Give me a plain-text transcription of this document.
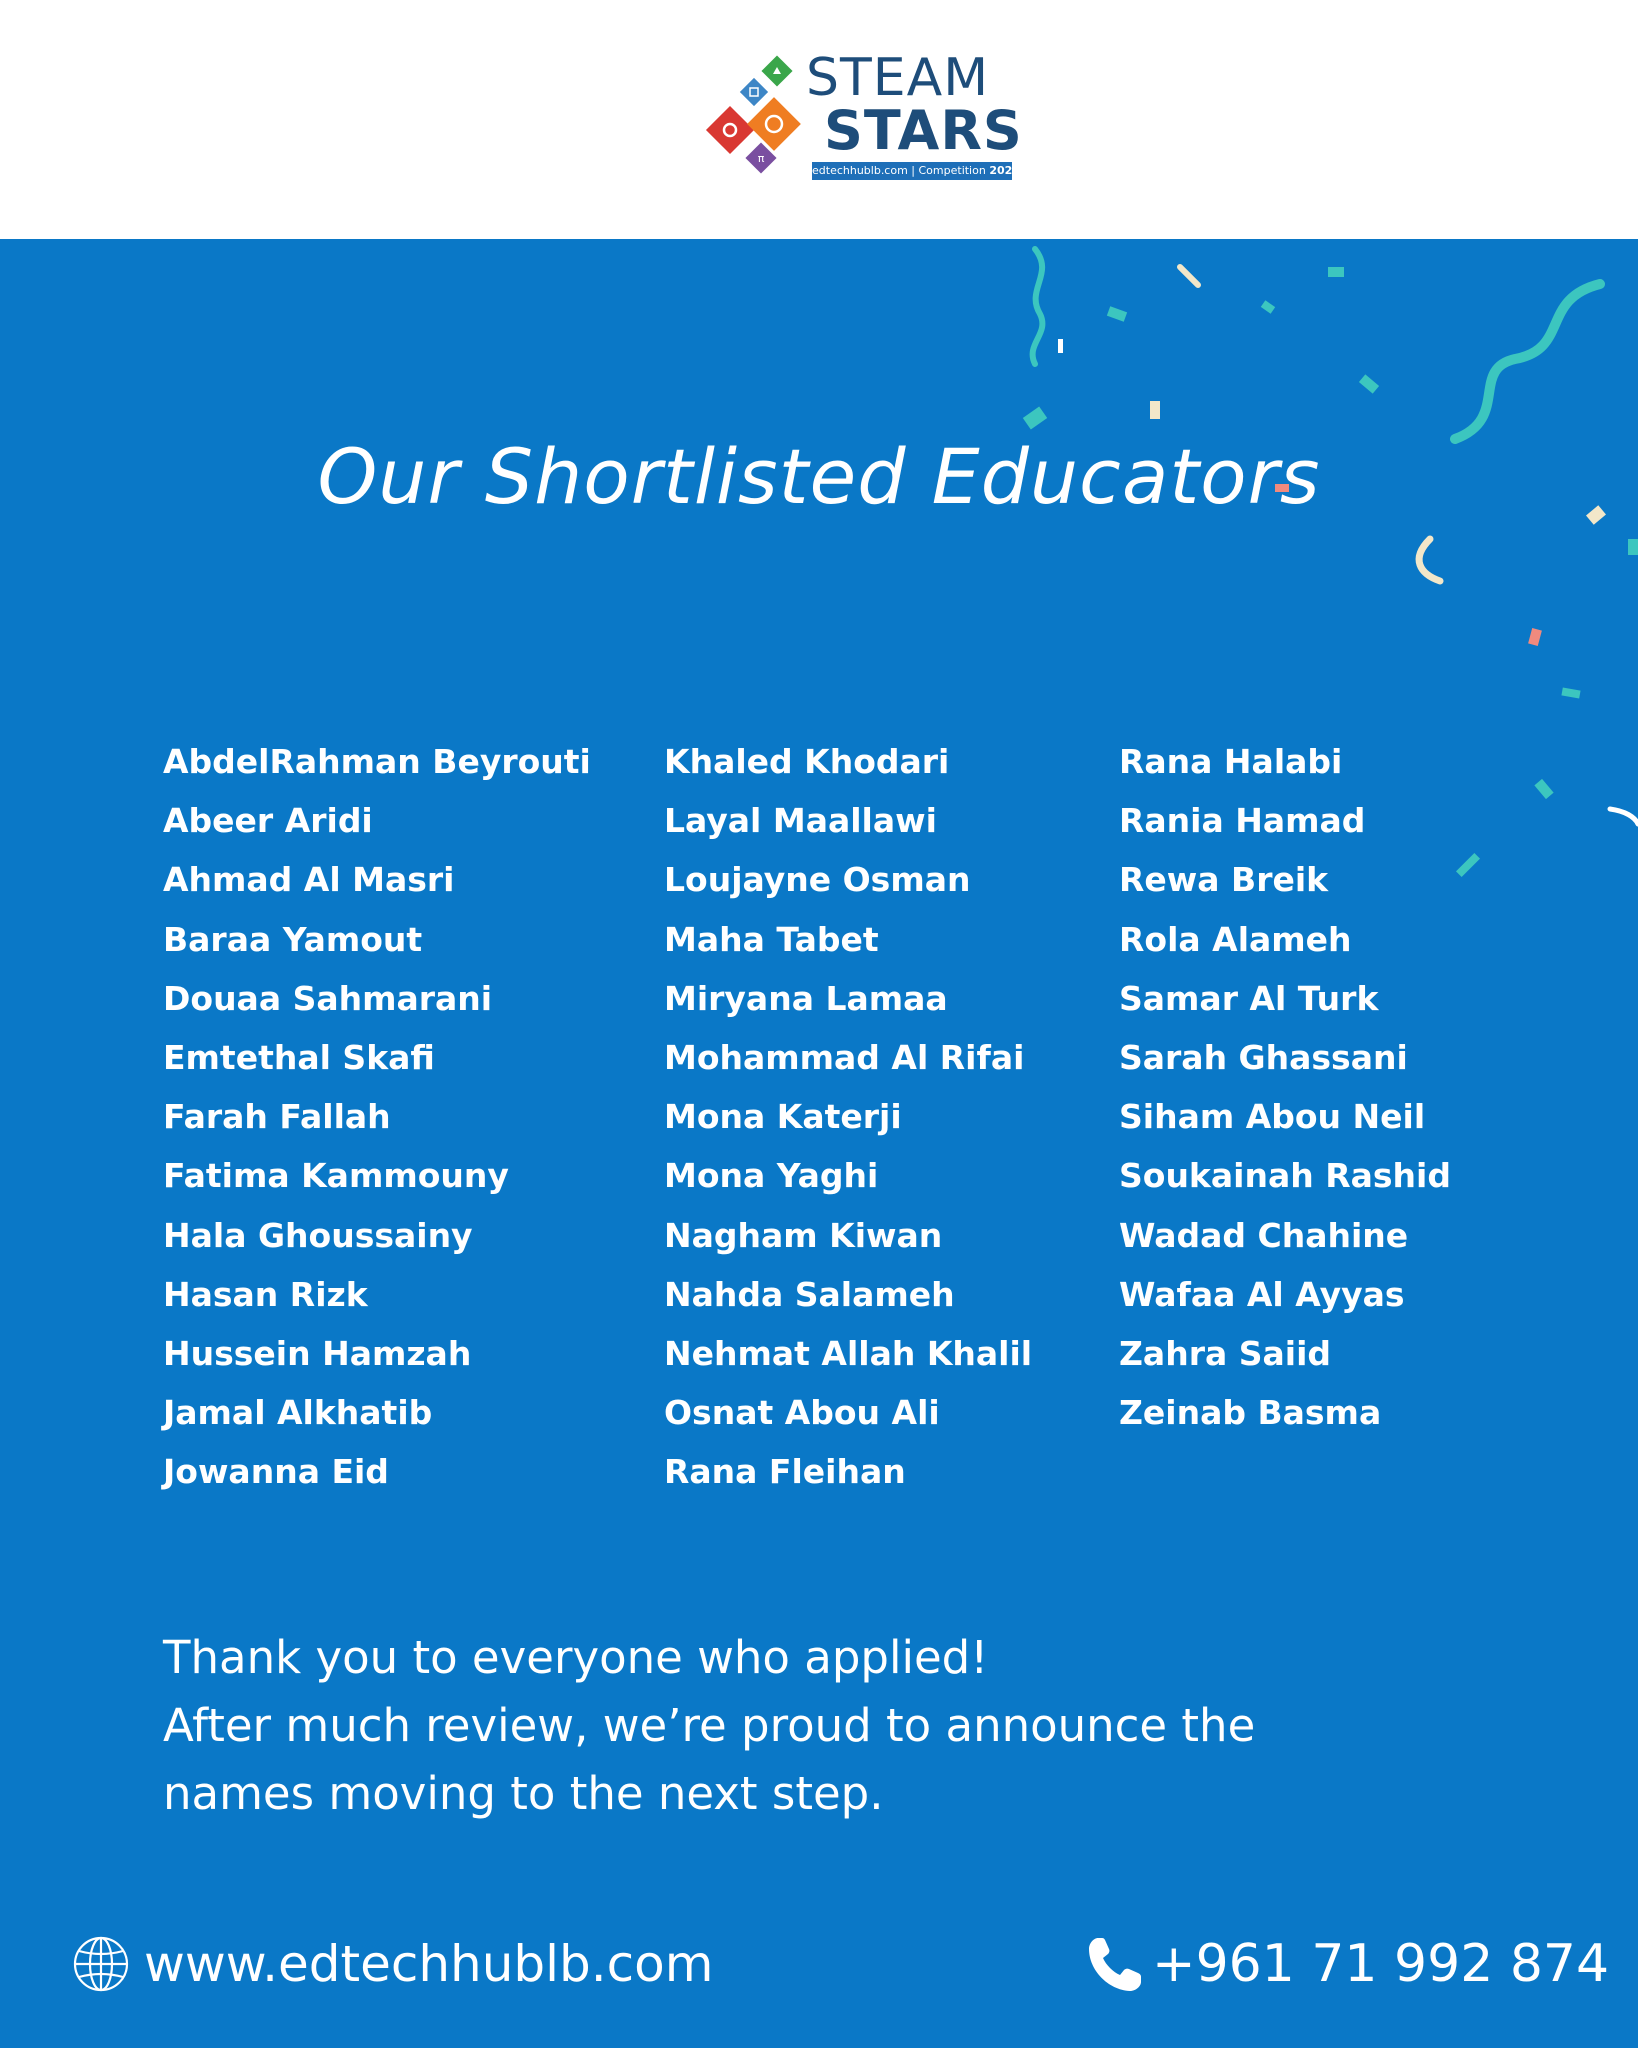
π
STEAM
STARS
edtechhublb.com | Competition 2025
Our Shortlisted Educators
AbdelRahman Beyrouti
Abeer Aridi
Ahmad Al Masri
Baraa Yamout
Douaa Sahmarani
Emtethal Skafi
Farah Fallah
Fatima Kammouny
Hala Ghoussainy
Hasan Rizk
Hussein Hamzah
Jamal Alkhatib
Jowanna Eid
Khaled Khodari
Layal Maallawi
Loujayne Osman
Maha Tabet
Miryana Lamaa
Mohammad Al Rifai
Mona Katerji
Mona Yaghi
Nagham Kiwan
Nahda Salameh
Nehmat Allah Khalil
Osnat Abou Ali
Rana Fleihan
Rana Halabi
Rania Hamad
Rewa Breik
Rola Alameh
Samar Al Turk
Sarah Ghassani
Siham Abou Neil
Soukainah Rashid
Wadad Chahine
Wafaa Al Ayyas
Zahra Saiid
Zeinab Basma
Thank you to everyone who applied!
After much review, we’re proud to announce the
names moving to the next step.
www.edtechhublb.com	+961 71 992 874
